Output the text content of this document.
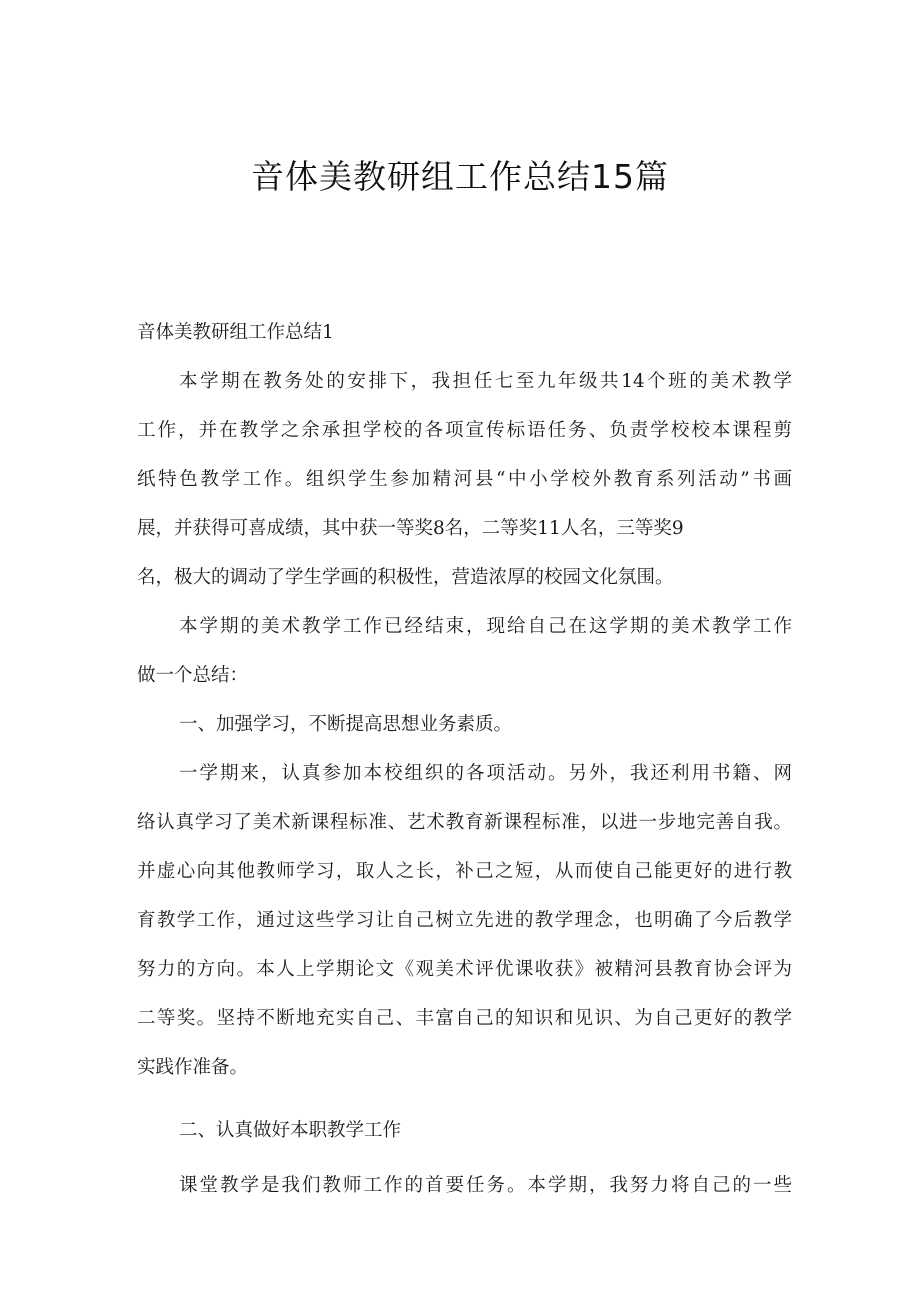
音体美教研组工作总结15篇
音体美教研组工作总结1
本学期在教务处的安排下，我担任七至九年级共14个班的美术教学
工作，并在教学之余承担学校的各项宣传标语任务、负责学校校本课程剪
纸特色教学工作。组织学生参加精河县“中小学校外教育系列活动”书画
展，并获得可喜成绩，其中获一等奖8名，二等奖11人名，三等奖9
名，极大的调动了学生学画的积极性，营造浓厚的校园文化氛围。
本学期的美术教学工作已经结束，现给自己在这学期的美术教学工作
做一个总结：
一、加强学习，不断提高思想业务素质。
一学期来，认真参加本校组织的各项活动。另外，我还利用书籍、网
络认真学习了美术新课程标准、艺术教育新课程标准，以进一步地完善自我。
并虚心向其他教师学习，取人之长，补己之短，从而使自己能更好的进行教
育教学工作，通过这些学习让自己树立先进的教学理念，也明确了今后教学
努力的方向。本人上学期论文《观美术评优课收获》被精河县教育协会评为
二等奖。坚持不断地充实自己、丰富自己的知识和见识、为自己更好的教学
实践作准备。
二、认真做好本职教学工作
课堂教学是我们教师工作的首要任务。本学期，我努力将自己的一些
